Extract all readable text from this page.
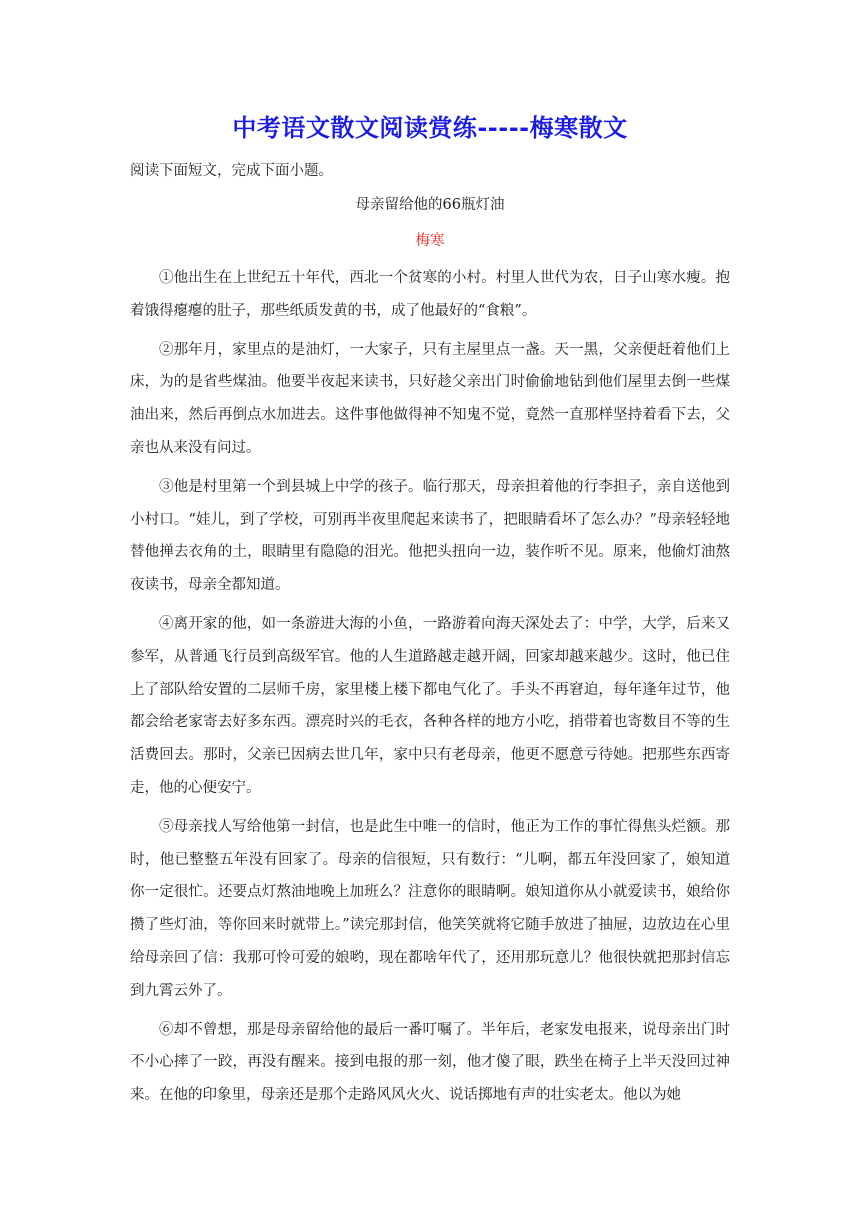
中考语文散文阅读赏练-----梅寒散文

阅读下面短文，完成下面小题。

母亲留给他的66瓶灯油

梅寒

①他出生在上世纪五十年代，西北一个贫寒的小村。村里人世代为农，日子山寒水瘦。抱着饿得瘪瘪的肚子，那些纸质发黄的书，成了他最好的“食粮”。

②那年月，家里点的是油灯，一大家子，只有主屋里点一盏。天一黑，父亲便赶着他们上床，为的是省些煤油。他要半夜起来读书，只好趁父亲出门时偷偷地钻到他们屋里去倒一些煤油出来，然后再倒点水加进去。这件事他做得神不知鬼不觉，竟然一直那样坚持着看下去，父亲也从来没有问过。

③他是村里第一个到县城上中学的孩子。临行那天，母亲担着他的行李担子，亲自送他到小村口。“娃儿，到了学校，可别再半夜里爬起来读书了，把眼睛看坏了怎么办？”母亲轻轻地替他掸去衣角的土，眼睛里有隐隐的泪光。他把头扭向一边，装作听不见。原来，他偷灯油熬夜读书，母亲全都知道。

④离开家的他，如一条游进大海的小鱼，一路游着向海天深处去了：中学，大学，后来又参军，从普通飞行员到高级军官。他的人生道路越走越开阔，回家却越来越少。这时，他已住上了部队给安置的二层师千房，家里楼上楼下都电气化了。手头不再窘迫，每年逢年过节，他都会给老家寄去好多东西。漂亮时兴的毛衣，各种各样的地方小吃，捎带着也寄数目不等的生活费回去。那时，父亲已因病去世几年，家中只有老母亲，他更不愿意亏待她。把那些东西寄走，他的心便安宁。

⑤母亲找人写给他第一封信，也是此生中唯一的信时，他正为工作的事忙得焦头烂额。那时，他已整整五年没有回家了。母亲的信很短，只有数行：“儿啊，都五年没回家了，娘知道你一定很忙。还要点灯熬油地晚上加班么？注意你的眼睛啊。娘知道你从小就爱读书，娘给你攒了些灯油，等你回来时就带上。”读完那封信，他笑笑就将它随手放进了抽屉，边放边在心里给母亲回了信：我那可怜可爱的娘哟，现在都啥年代了，还用那玩意儿？他很快就把那封信忘到九霄云外了。

⑥却不曾想，那是母亲留给他的最后一番叮嘱了。半年后，老家发电报来，说母亲出门时不小心摔了一跤，再没有醒来。接到电报的那一刻，他才傻了眼，跌坐在椅子上半天没回过神来。在他的印象里，母亲还是那个走路风风火火、说话掷地有声的壮实老太。他以为她
